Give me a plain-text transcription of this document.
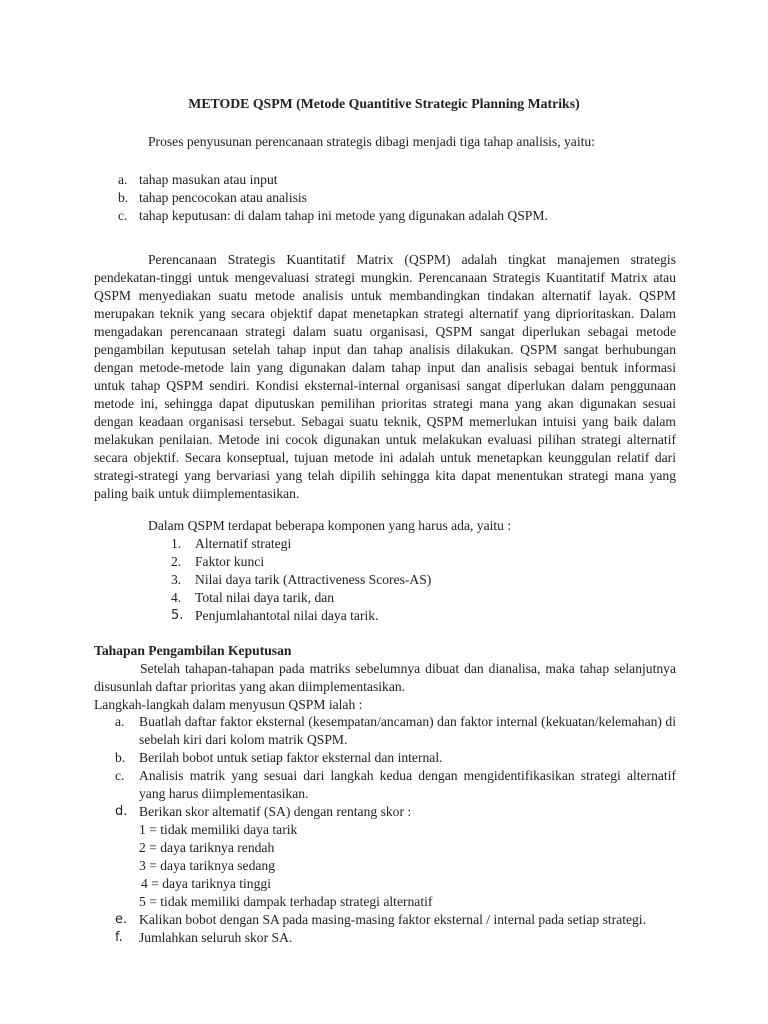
METODE QSPM (Metode Quantitive Strategic Planning Matriks)
Proses penyusunan perencanaan strategis dibagi menjadi tiga tahap analisis, yaitu:
a. tahap masukan atau input
b. tahap pencocokan atau analisis
c. tahap keputusan: di dalam tahap ini metode yang digunakan adalah QSPM.

Perencanaan Strategis Kuantitatif Matrix (QSPM) adalah tingkat manajemen strategis pendekatan-tinggi untuk mengevaluasi strategi mungkin. Perencanaan Strategis Kuantitatif Matrix atau QSPM menyediakan suatu metode analisis untuk membandingkan tindakan alternatif layak. QSPM merupakan teknik yang secara objektif dapat menetapkan strategi alternatif yang diprioritaskan. Dalam mengadakan perencanaan strategi dalam suatu organisasi, QSPM sangat diperlukan sebagai metode pengambilan keputusan setelah tahap input dan tahap analisis dilakukan. QSPM sangat berhubungan dengan metode-metode lain yang digunakan dalam tahap input dan analisis sebagai bentuk informasi untuk tahap QSPM sendiri. Kondisi eksternal-internal organisasi sangat diperlukan dalam penggunaan metode ini, sehingga dapat diputuskan pemilihan prioritas strategi mana yang akan digunakan sesuai dengan keadaan organisasi tersebut. Sebagai suatu teknik, QSPM memerlukan intuisi yang baik dalam melakukan penilaian. Metode ini cocok digunakan untuk melakukan evaluasi pilihan strategi alternatif secara objektif. Secara konseptual, tujuan metode ini adalah untuk menetapkan keunggulan relatif dari strategi-strategi yang bervariasi yang telah dipilih sehingga kita dapat menentukan strategi mana yang paling baik untuk diimplementasikan.

Dalam QSPM terdapat beberapa komponen yang harus ada, yaitu :
1. Alternatif strategi
2. Faktor kunci
3. Nilai daya tarik (Attractiveness Scores-AS)
4. Total nilai daya tarik, dan
5. Penjumlahantotal nilai daya tarik.
Tahapan Pengambilan Keputusan
Setelah tahapan-tahapan pada matriks sebelumnya dibuat dan dianalisa, maka tahap selanjutnya disusunlah daftar prioritas yang akan diimplementasikan.
Langkah-langkah dalam menyusun QSPM ialah :
a. Buatlah daftar faktor eksternal (kesempatan/ancaman) dan faktor internal (kekuatan/kelemahan) di sebelah kiri dari kolom matrik QSPM.
b. Berilah bobot untuk setiap faktor eksternal dan internal.
c. Analisis matrik yang sesuai dari langkah kedua dengan mengidentifikasikan strategi alternatif yang harus diimplementasikan.
d. Berikan skor altematif (SA) dengan rentang skor :
1 = tidak memiliki daya tarik
2 = daya tariknya rendah
3 = daya tariknya sedang
4 = daya tariknya tinggi
5 = tidak memiliki dampak terhadap strategi alternatif
e. Kalikan bobot dengan SA pada masing-masing faktor eksternal / internal pada setiap strategi.
f. Jumlahkan seluruh skor SA.
